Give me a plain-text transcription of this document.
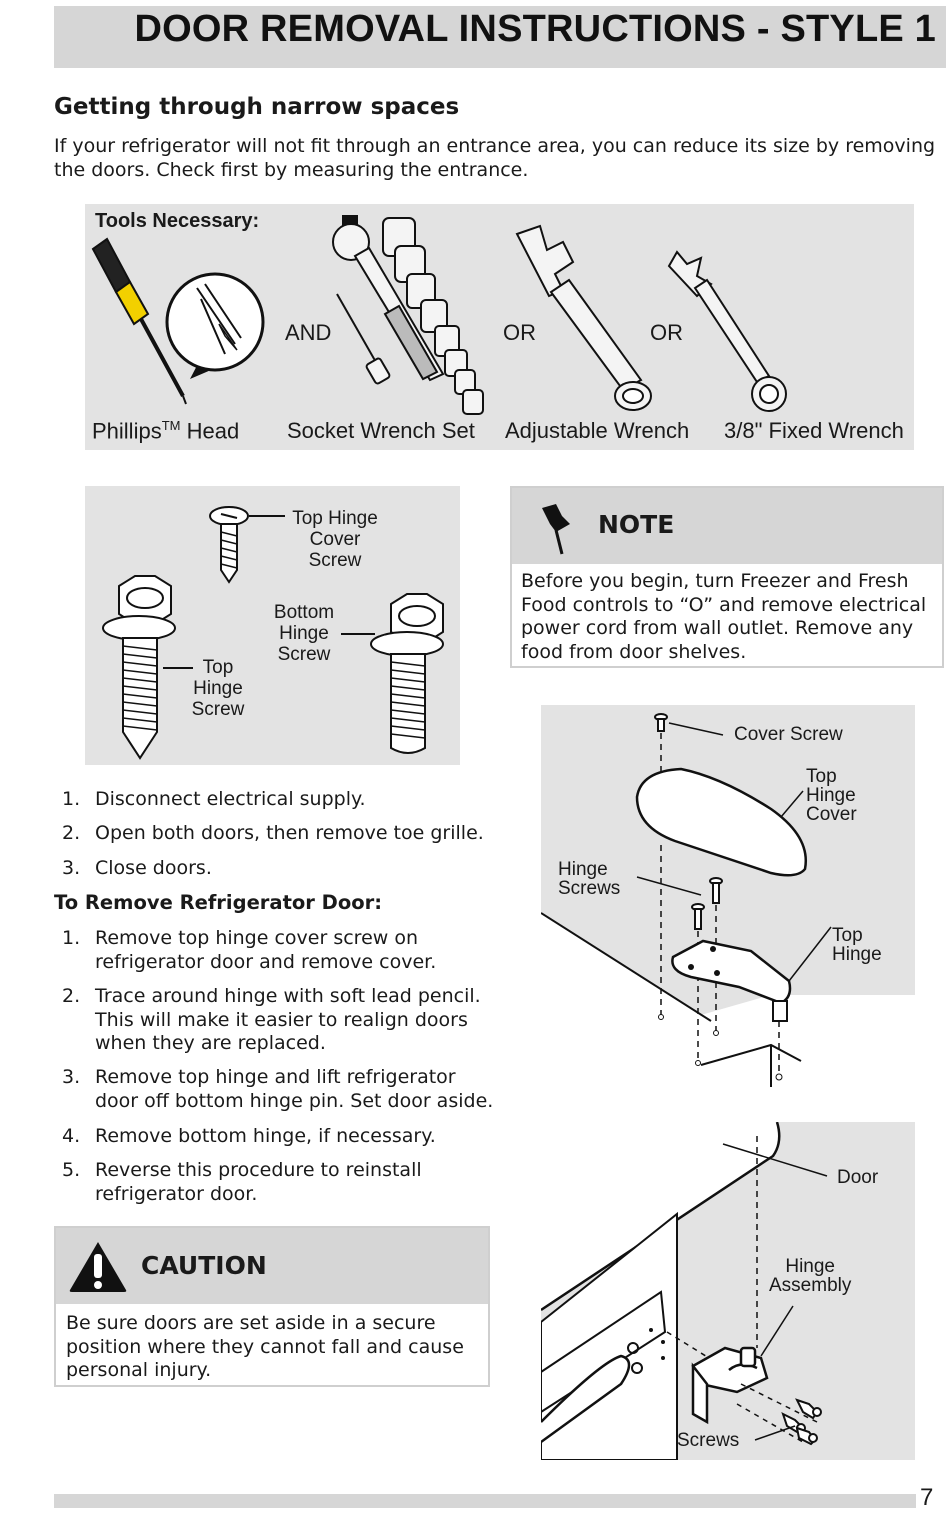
DOOR REMOVAL INSTRUCTIONS - STYLE 1
Getting through narrow spaces
If your refrigerator will not fit through an entrance area, you can reduce its size by removing the doors. Check first by measuring the entrance.
Tools Necessary:
AND	OR	OR
Phillips™ Head Socket Wrench Set Adjustable Wrench 3/8" Fixed Wrench
Top Hinge
Cover
Screw
Bottom
Hinge
Screw
Top
Hinge
Screw
NOTE
Before you begin, turn Freezer and Fresh Food controls to “O” and remove electrical power cord from wall outlet. Remove any food from door shelves.
1. Disconnect electrical supply.
2. Open both doors, then remove toe grille.
3. Close doors.
To Remove Refrigerator Door:
1. Remove top hinge cover screw on
refrigerator door and remove cover.
2. Trace around hinge with soft lead pencil.
This will make it easier to realign doors
when they are replaced.
3. Remove top hinge and lift refrigerator
door off bottom hinge pin. Set door aside.
4. Remove bottom hinge, if necessary.
5. Reverse this procedure to reinstall
refrigerator door.
CAUTION
Be sure doors are set aside in a secure position where they cannot fall and cause personal injury.
Cover Screw
Top
Hinge
Cover
Hinge
Screws
Top
Hinge
Door
Hinge
Assembly
Screws
7
